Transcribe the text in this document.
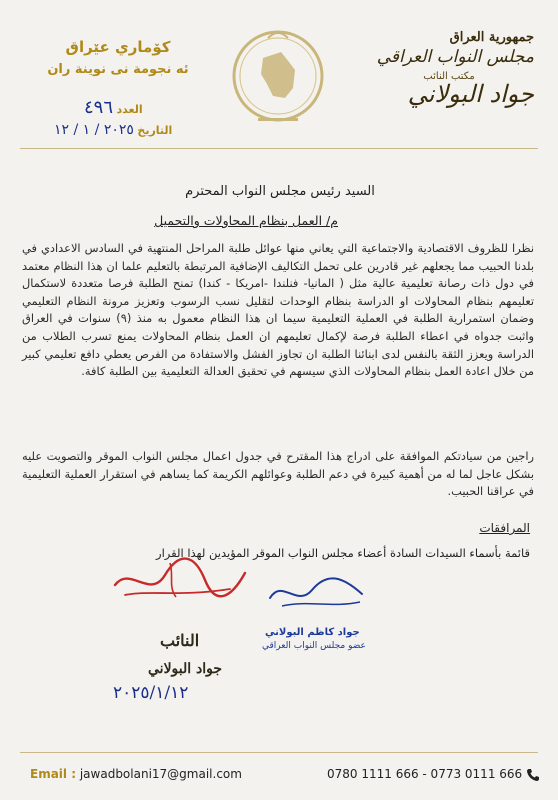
جمهورية العراق
مجلس النواب العراقي
مكتب النائب
جواد البولاني
كۆماري عێراق
ئه نجومة نى نوينة ران
العدد ٤٩٦
التاريخ ٢٠٢٥ / ١ / ١٢
السيد رئيس مجلس النواب المحترم
م/ العمل بنظام المحاولات والتحميل
نظرا للظروف الاقتصادية والاجتماعية التي يعاني منها عوائل طلبة المراحل المنتهية في السادس الاعدادي في بلدنا الحبيب مما يجعلهم غير قادرين على تحمل التكاليف الإضافية المرتبطة بالتعليم علما ان هذا النظام معتمد في دول ذات رصانة تعليمية عالية مثل ( المانيا- فنلندا -امريكا - كندا) تمنح الطلبة فرصا متعددة لاستكمال تعليمهم بنظام المحاولات او الدراسة بنظام الوحدات لتقليل نسب الرسوب وتعزيز مرونة النظام التعليمي وضمان استمرارية الطلبة في العملية التعليمية سيما ان هذا النظام معمول به منذ (٩) سنوات في العراق واثبت جدواه في اعطاء الطلبة فرصة لإكمال تعليمهم ان العمل بنظام المحاولات يمنع تسرب الطلاب من الدراسة ويعزز الثقة بالنفس لدى ابنائنا الطلبة ان تجاوز الفشل والاستفادة من الفرص يعطي دافع تعليمي كبير من خلال اعادة العمل بنظام المحاولات الذي سيسهم في تحقيق العدالة التعليمية بين الطلبة كافة.
راجين من سيادتكم الموافقة على ادراج هذا المقترح في جدول اعمال مجلس النواب الموقر والتصويت عليه بشكل عاجل لما له من أهمية كبيرة في دعم الطلبة وعوائلهم الكريمة كما يساهم في استقرار العملية التعليمية في عراقنا الحبيب.
المرافقات
قائمة بأسماء السيدات السادة أعضاء مجلس النواب الموقر المؤيدين لهذا القرار
جواد كاظم البولاني
عضو مجلس النواب العراقي
النائب
جواد البولاني
٢٠٢٥/١/١٢
Email : jawadbolani17@gmail.com	0780 1111 666 - 0773 0111 666
